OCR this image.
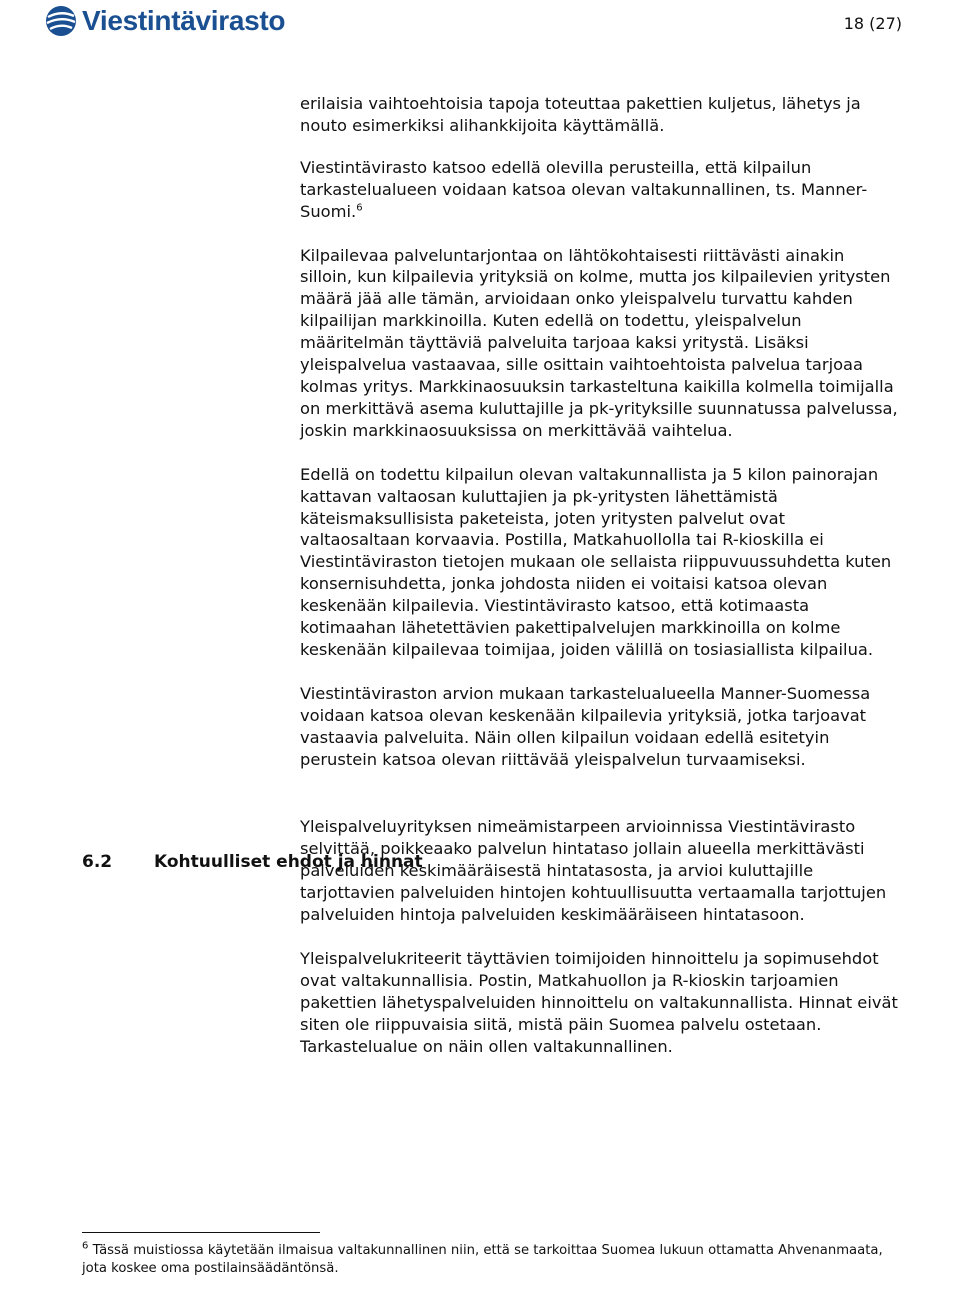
Viestintävirasto	18 (27)
6.2 Kohtuulliset ehdot ja hinnat

erilaisia vaihtoehtoisia tapoja toteuttaa pakettien kuljetus, lähetys ja nouto esimerkiksi alihankkijoita käyttämällä.

Viestintävirasto katsoo edellä olevilla perusteilla, että kilpailun tarkastelualueen voidaan katsoa olevan valtakunnallinen, ts. Manner-Suomi.$^6$

Kilpailevaa palveluntarjontaa on lähtökohtaisesti riittävästi ainakin silloin, kun kilpailevia yrityksiä on kolme, mutta jos kilpailevien yritysten määrä jää alle tämän, arvioidaan onko yleispalvelu turvattu kahden kilpailijan markkinoilla. Kuten edellä on todettu, yleispalvelun määritelmän täyttäviä palveluita tarjoaa kaksi yritystä. Lisäksi yleispalvelua vastaavaa, sille osittain vaihtoehtoista palvelua tarjoaa kolmas yritys. Markkinaosuuksin tarkasteltuna kaikilla kolmella toimijalla on merkittävä asema kuluttajille ja pk-yrityksille suunnatussa palvelussa, joskin markkinaosuuksissa on merkittävää vaihtelua.

Edellä on todettu kilpailun olevan valtakunnallista ja 5 kilon painorajan kattavan valtaosan kuluttajien ja pk-yritysten lähettämistä käteismaksullisista paketeista, joten yritysten palvelut ovat valtaosaltaan korvaavia. Postilla, Matkahuollolla tai R-kioskilla ei Viestintäviraston tietojen mukaan ole sellaista riippuvuussuhdetta kuten konsernisuhdetta, jonka johdosta niiden ei voitaisi katsoa olevan keskenään kilpailevia. Viestintävirasto katsoo, että kotimaasta kotimaahan lähetettävien pakettipalvelujen markkinoilla on kolme keskenään kilpailevaa toimijaa, joiden välillä on tosiasiallista kilpailua.

Viestintäviraston arvion mukaan tarkastelualueella Manner-Suomessa voidaan katsoa olevan keskenään kilpailevia yrityksiä, jotka tarjoavat vastaavia palveluita. Näin ollen kilpailun voidaan edellä esitetyin perustein katsoa olevan riittävää yleispalvelun turvaamiseksi.

Yleispalveluyrityksen nimeämistarpeen arvioinnissa Viestintävirasto selvittää, poikkeaako palvelun hintataso jollain alueella merkittävästi palveluiden keskimääräisestä hintatasosta, ja arvioi kuluttajille tarjottavien palveluiden hintojen kohtuullisuutta vertaamalla tarjottujen palveluiden hintoja palveluiden keskimääräiseen hintatasoon.

Yleispalvelukriteerit täyttävien toimijoiden hinnoittelu ja sopimusehdot ovat valtakunnallisia. Postin, Matkahuollon ja R-kioskin tarjoamien pakettien lähetyspalveluiden hinnoittelu on valtakunnallista. Hinnat eivät siten ole riippuvaisia siitä, mistä päin Suomea palvelu ostetaan. Tarkastelualue on näin ollen valtakunnallinen.

$^6$ Tässä muistiossa käytetään ilmaisua valtakunnallinen niin, että se tarkoittaa Suomea lukuun ottamatta Ahvenanmaata, jota koskee oma postilainsäädäntönsä.
